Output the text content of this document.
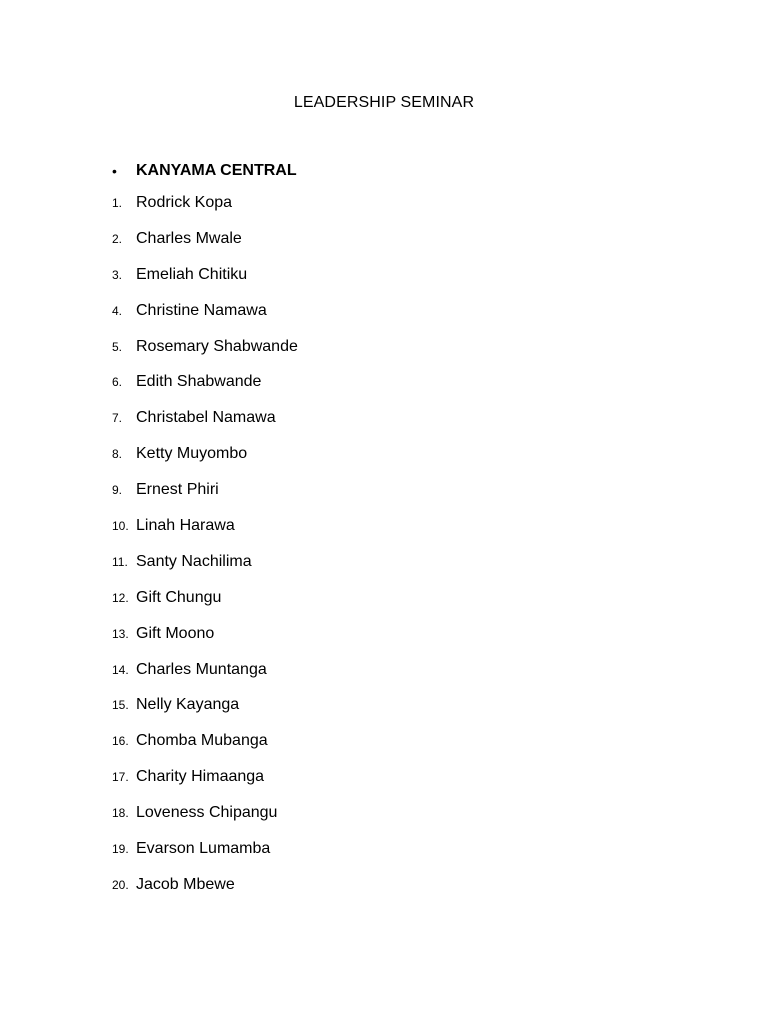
LEADERSHIP SEMINAR
•	KANYAMA CENTRAL
1. Rodrick Kopa
2. Charles Mwale
3. Emeliah Chitiku
4. Christine Namawa
5. Rosemary Shabwande
6. Edith Shabwande
7. Christabel Namawa
8. Ketty Muyombo
9. Ernest Phiri
10. Linah Harawa
11. Santy Nachilima
12. Gift Chungu
13. Gift Moono
14. Charles Muntanga
15. Nelly Kayanga
16. Chomba Mubanga
17. Charity Himaanga
18. Loveness Chipangu
19. Evarson Lumamba
20. Jacob Mbewe
